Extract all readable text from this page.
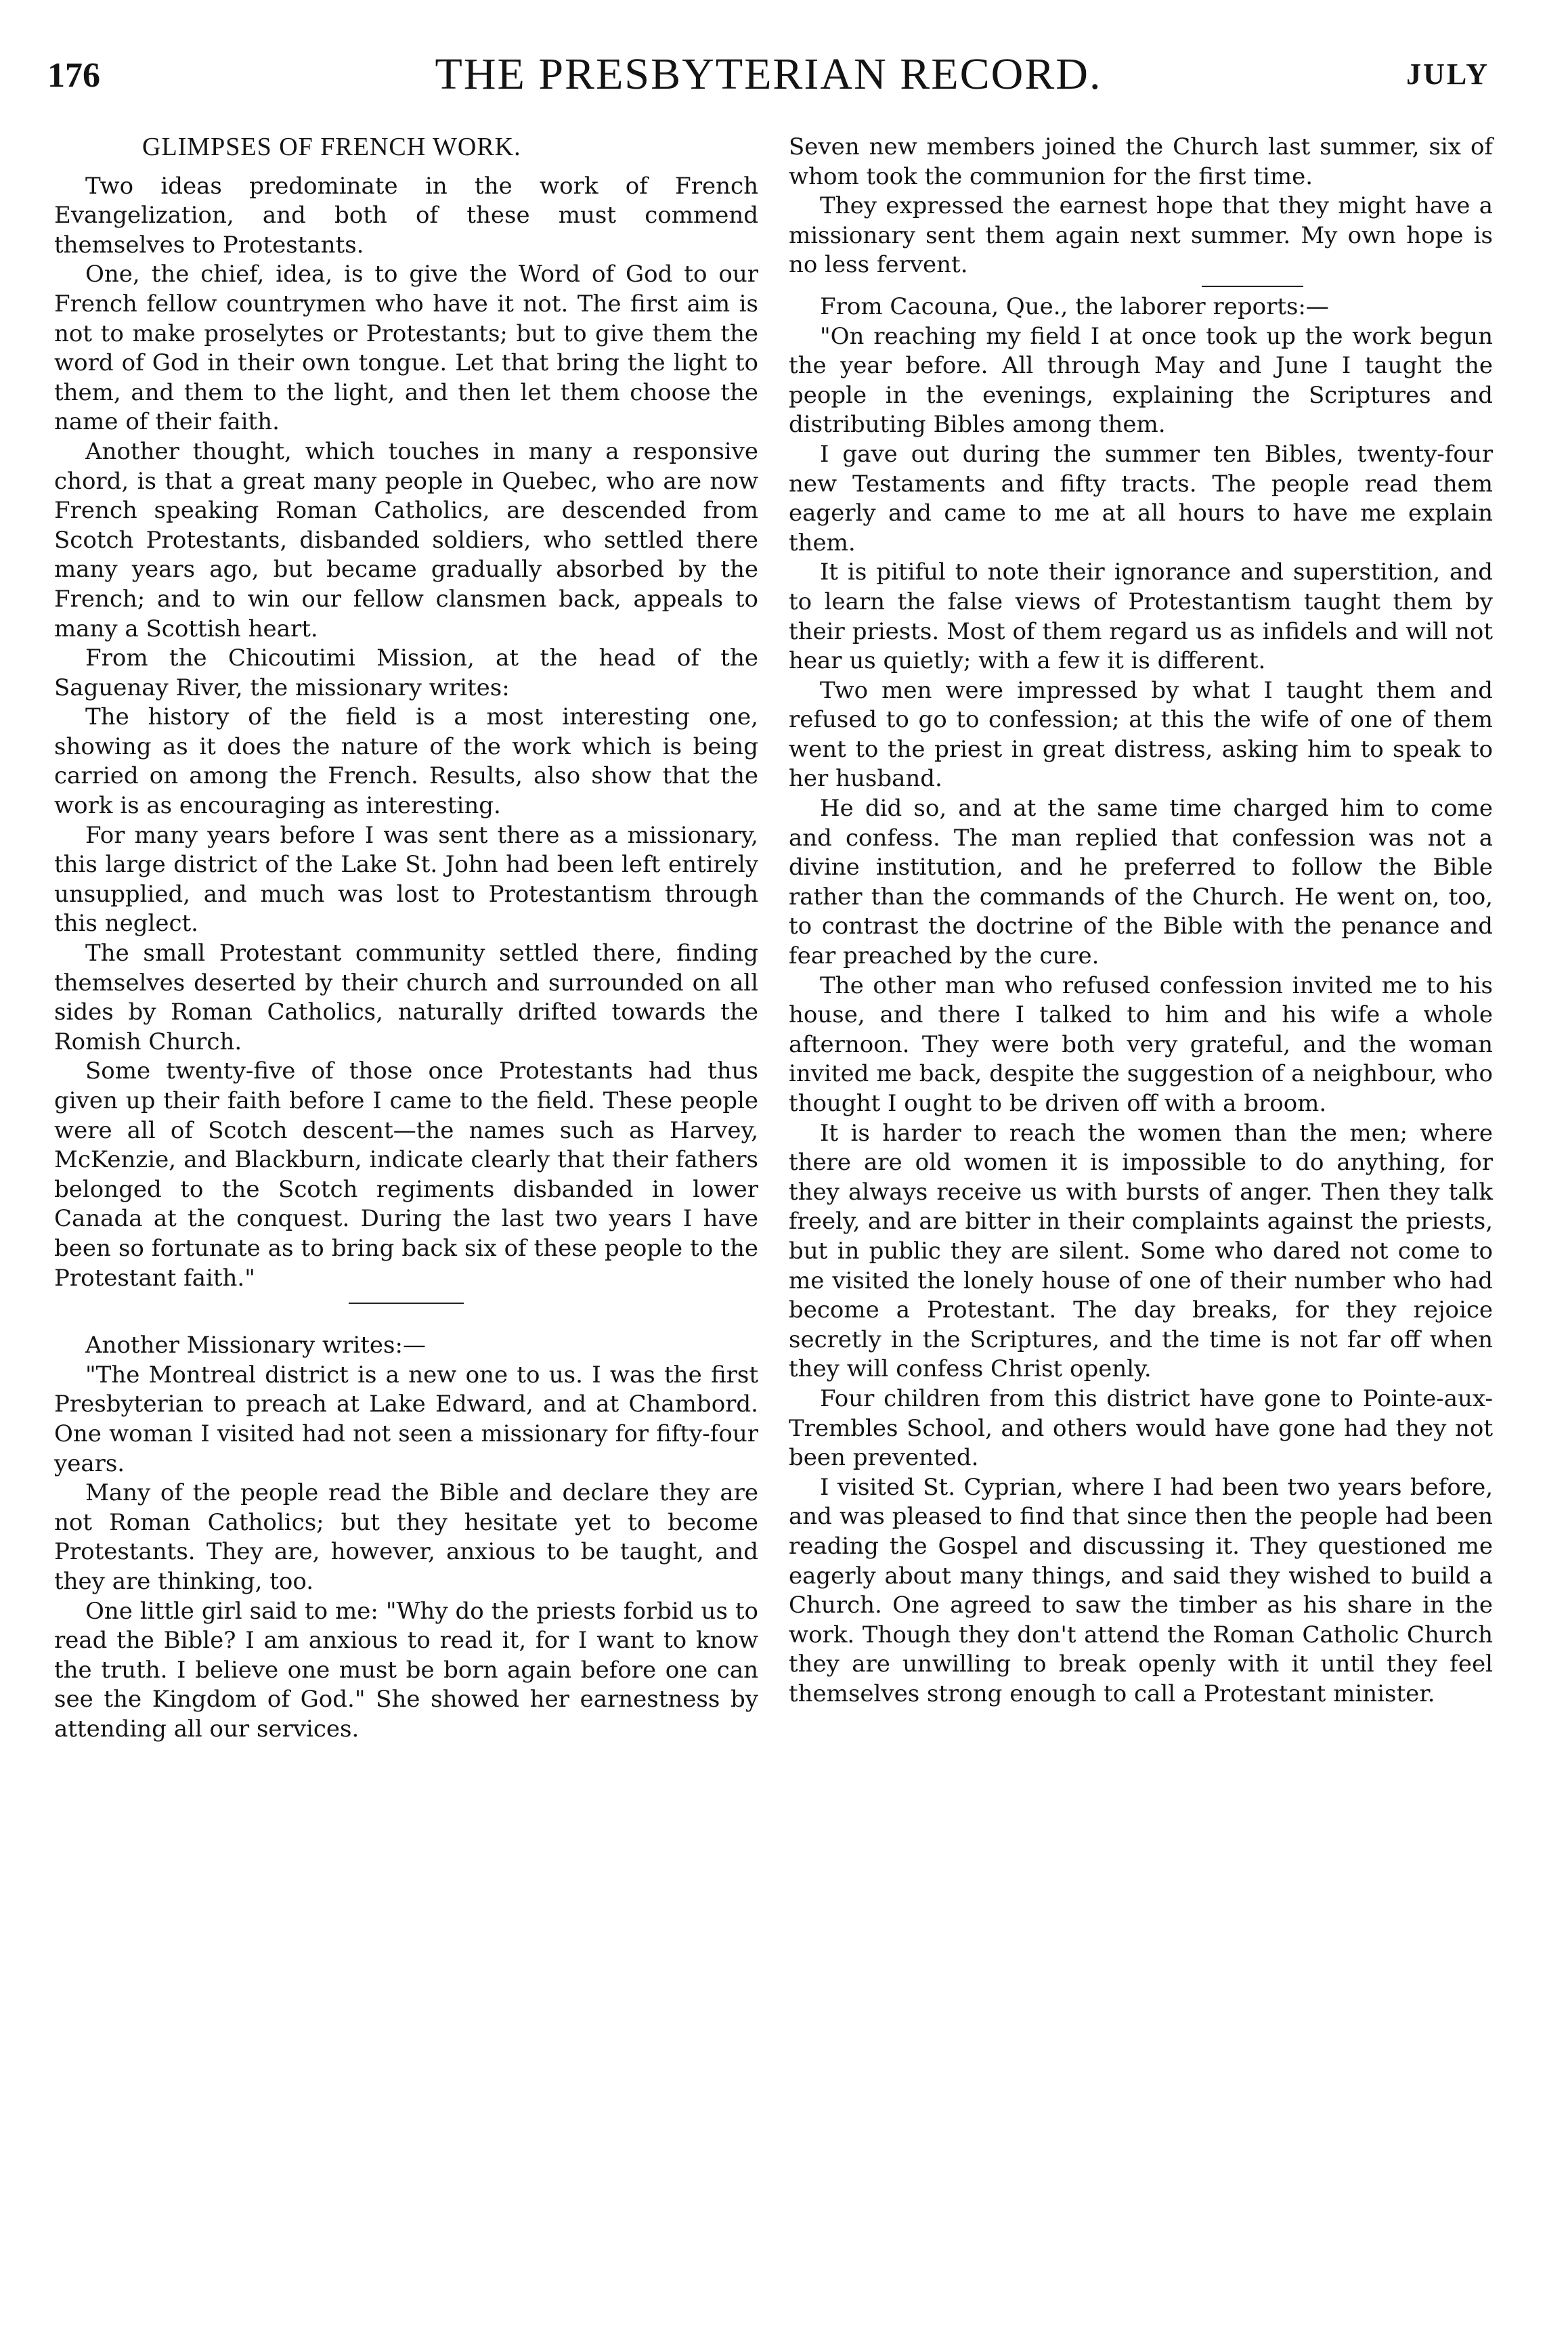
176	THE PRESBYTERIAN RECORD.	JULY
GLIMPSES OF FRENCH WORK.

Two ideas predominate in the work of French Evangelization, and both of these must commend themselves to Protestants.

One, the chief, idea, is to give the Word of God to our French fellow countrymen who have it not. The first aim is not to make proselytes or Protestants; but to give them the word of God in their own tongue. Let that bring the light to them, and them to the light, and then let them choose the name of their faith.

Another thought, which touches in many a responsive chord, is that a great many people in Quebec, who are now French speaking Roman Catholics, are descended from Scotch Protestants, disbanded soldiers, who settled there many years ago, but became gradually absorbed by the French; and to win our fellow clansmen back, appeals to many a Scottish heart.

From the Chicoutimi Mission, at the head of the Saguenay River, the missionary writes:

The history of the field is a most interesting one, showing as it does the nature of the work which is being carried on among the French. Results, also show that the work is as encouraging as interesting.

For many years before I was sent there as a missionary, this large district of the Lake St. John had been left entirely unsupplied, and much was lost to Protestantism through this neglect.

The small Protestant community settled there, finding themselves deserted by their church and surrounded on all sides by Roman Catholics, naturally drifted towards the Romish Church.

Some twenty-five of those once Protestants had thus given up their faith before I came to the field. These people were all of Scotch descent—the names such as Harvey, McKenzie, and Blackburn, indicate clearly that their fathers belonged to the Scotch regiments disbanded in lower Canada at the conquest. During the last two years I have been so fortunate as to bring back six of these people to the Protestant faith."

Another Missionary writes:—

"The Montreal district is a new one to us. I was the first Presbyterian to preach at Lake Edward, and at Chambord. One woman I visited had not seen a missionary for fifty-four years.

Many of the people read the Bible and declare they are not Roman Catholics; but they hesitate yet to become Protestants. They are, however, anxious to be taught, and they are thinking, too.

One little girl said to me: "Why do the priests forbid us to read the Bible? I am anxious to read it, for I want to know the truth. I believe one must be born again before one can see the Kingdom of God." She showed her earnestness by attending all our services.

Seven new members joined the Church last summer, six of whom took the communion for the first time.

They expressed the earnest hope that they might have a missionary sent them again next summer. My own hope is no less fervent.

From Cacouna, Que., the laborer reports:—

"On reaching my field I at once took up the work begun the year before. All through May and June I taught the people in the evenings, explaining the Scriptures and distributing Bibles among them.

I gave out during the summer ten Bibles, twenty-four new Testaments and fifty tracts. The people read them eagerly and came to me at all hours to have me explain them.

It is pitiful to note their ignorance and superstition, and to learn the false views of Protestantism taught them by their priests. Most of them regard us as infidels and will not hear us quietly; with a few it is different.

Two men were impressed by what I taught them and refused to go to confession; at this the wife of one of them went to the priest in great distress, asking him to speak to her husband.

He did so, and at the same time charged him to come and confess. The man replied that confession was not a divine institution, and he preferred to follow the Bible rather than the commands of the Church. He went on, too, to contrast the doctrine of the Bible with the penance and fear preached by the cure.

The other man who refused confession invited me to his house, and there I talked to him and his wife a whole afternoon. They were both very grateful, and the woman invited me back, despite the suggestion of a neighbour, who thought I ought to be driven off with a broom.

It is harder to reach the women than the men; where there are old women it is impossible to do anything, for they always receive us with bursts of anger. Then they talk freely, and are bitter in their complaints against the priests, but in public they are silent. Some who dared not come to me visited the lonely house of one of their number who had become a Protestant. The day breaks, for they rejoice secretly in the Scriptures, and the time is not far off when they will confess Christ openly.

Four children from this district have gone to Pointe-aux-Trembles School, and others would have gone had they not been prevented.

I visited St. Cyprian, where I had been two years before, and was pleased to find that since then the people had been reading the Gospel and discussing it. They questioned me eagerly about many things, and said they wished to build a Church. One agreed to saw the timber as his share in the work. Though they don't attend the Roman Catholic Church they are unwilling to break openly with it until they feel themselves strong enough to call a Protestant minister.
